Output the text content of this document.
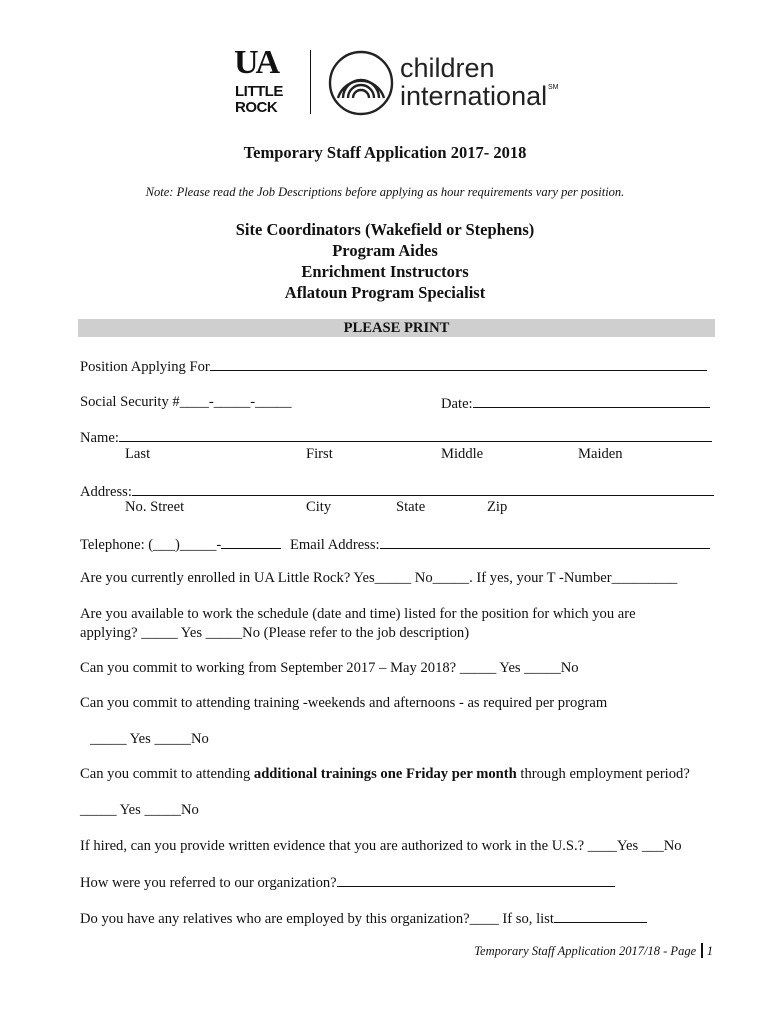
UA
LITTLE
ROCK
children
international SM
Temporary Staff Application 2017- 2018
Note: Please read the Job Descriptions before applying as hour requirements vary per position.
Site Coordinators (Wakefield or Stephens)
Program Aides
Enrichment Instructors
Aflatoun Program Specialist
PLEASE PRINT
Position Applying For
Social Security #____-_____-_____	Date:
Name:
Last	First	Middle	Maiden
Address:
No. Street	City	State	Zip
Telephone: (___)_____-	Email Address:
Are you currently enrolled in UA Little Rock? Yes_____ No_____. If yes, your T -Number_________
Are you available to work the schedule (date and time) listed for the position for which you are
applying? _____ Yes _____No (Please refer to the job description)
Can you commit to working from September 2017 – May 2018? _____ Yes _____No
Can you commit to attending training -weekends and afternoons - as required per program
_____ Yes _____No
Can you commit to attending additional trainings one Friday per month through employment period?
_____ Yes _____No
If hired, can you provide written evidence that you are authorized to work in the U.S.? ____Yes ___No
How were you referred to our organization?
Do you have any relatives who are employed by this organization?____ If so, list
Temporary Staff Application 2017/18 - Page 1
